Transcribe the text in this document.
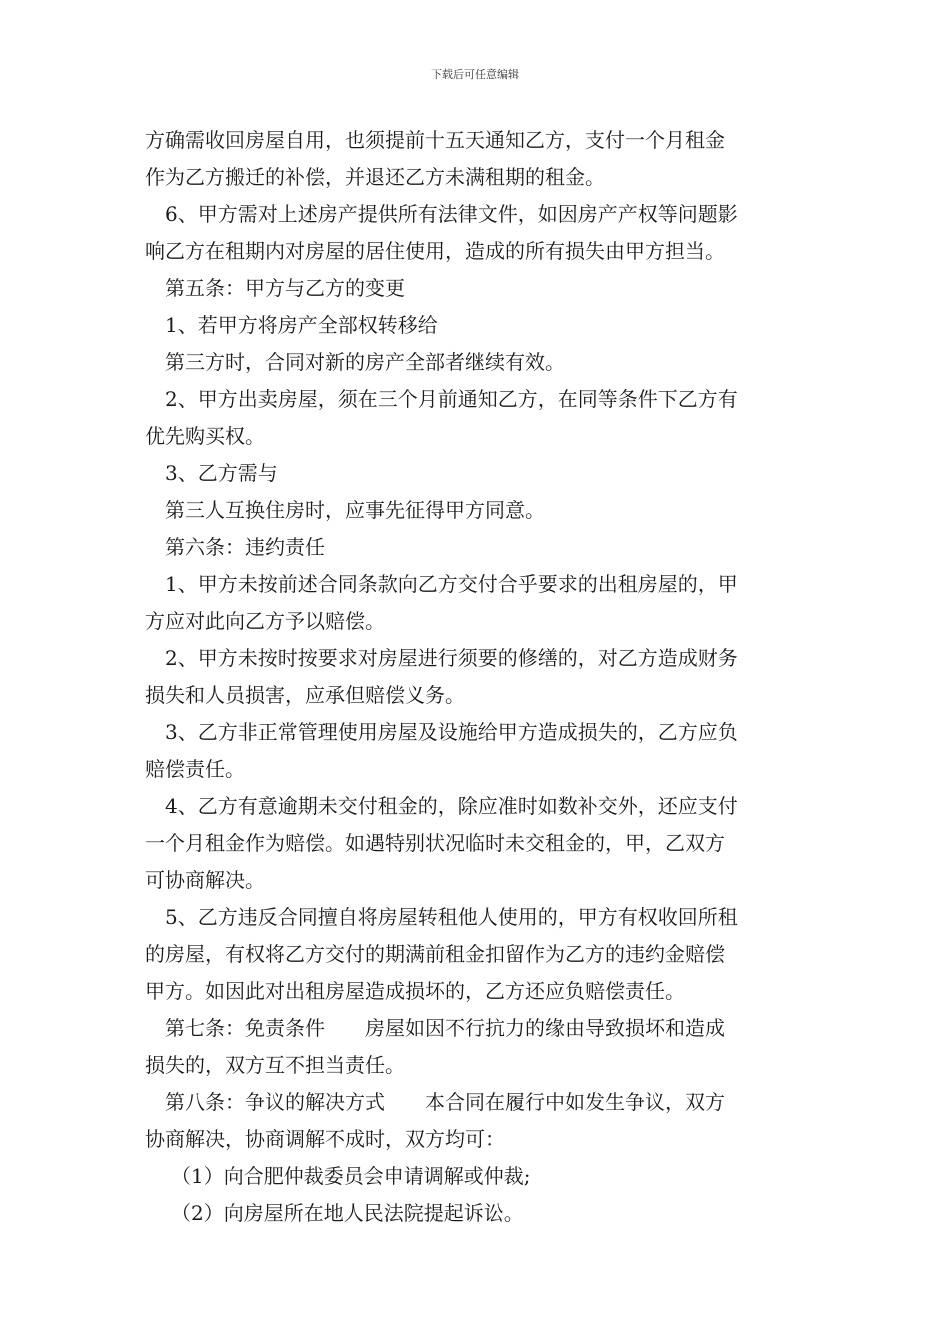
下载后可任意编辑
方确需收回房屋自用，也须提前十五天通知乙方，支付一个月租金
作为乙方搬迁的补偿，并退还乙方未满租期的租金。
6、甲方需对上述房产提供所有法律文件，如因房产产权等问题影
响乙方在租期内对房屋的居住使用，造成的所有损失由甲方担当。
第五条：甲方与乙方的变更
1、若甲方将房产全部权转移给
第三方时，合同对新的房产全部者继续有效。
2、甲方出卖房屋，须在三个月前通知乙方，在同等条件下乙方有
优先购买权。
3、乙方需与
第三人互换住房时，应事先征得甲方同意。
第六条：违约责任
1、甲方未按前述合同条款向乙方交付合乎要求的出租房屋的，甲
方应对此向乙方予以赔偿。
2、甲方未按时按要求对房屋进行须要的修缮的，对乙方造成财务
损失和人员损害，应承但赔偿义务。
3、乙方非正常管理使用房屋及设施给甲方造成损失的，乙方应负
赔偿责任。
4、乙方有意逾期未交付租金的，除应准时如数补交外，还应支付
一个月租金作为赔偿。如遇特别状况临时未交租金的，甲，乙双方
可协商解决。
5、乙方违反合同擅自将房屋转租他人使用的，甲方有权收回所租
的房屋，有权将乙方交付的期满前租金扣留作为乙方的违约金赔偿
甲方。如因此对出租房屋造成损坏的，乙方还应负赔偿责任。
第七条：免责条件　　房屋如因不行抗力的缘由导致损坏和造成
损失的，双方互不担当责任。
第八条：争议的解决方式　　本合同在履行中如发生争议，双方
协商解决，协商调解不成时，双方均可：
（1）向合肥仲裁委员会申请调解或仲裁;
（2）向房屋所在地人民法院提起诉讼。
